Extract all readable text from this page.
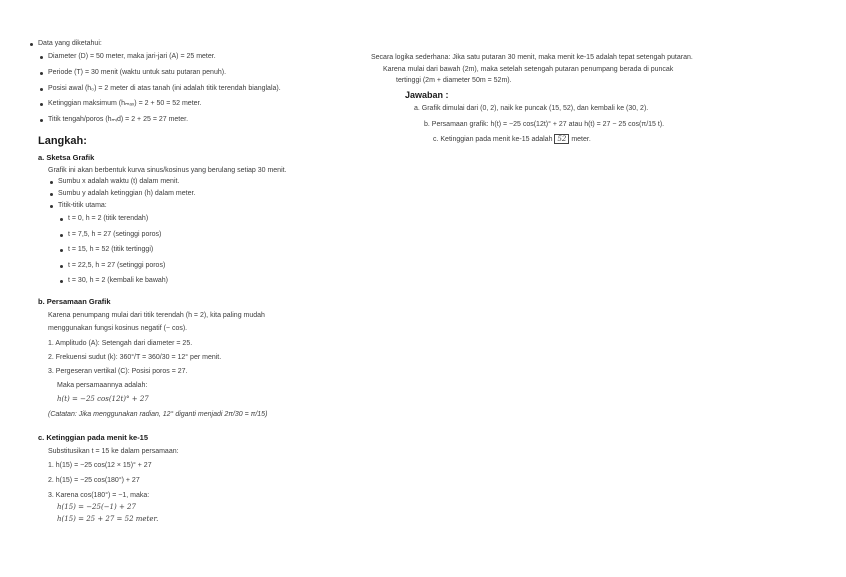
Data yang diketahui:
Diameter (D) = 50 meter, maka jari-jari (A) = 25 meter.
Periode (T) = 30 menit (waktu untuk satu putaran penuh).
Posisi awal (h₀) = 2 meter di atas tanah (ini adalah titik terendah bianglala).
Ketinggian maksimum (hₘₐₓ) = 2 + 50 = 52 meter.
Titik tengah/poros (hₘᵢd) = 2 + 25 = 27 meter.
Langkah:
a. Sketsa Grafik
Grafik ini akan berbentuk kurva sinus/kosinus yang berulang setiap 30 menit.
Sumbu x adalah waktu (t) dalam menit.
Sumbu y adalah ketinggian (h) dalam meter.
Titik-titik utama:
t = 0, h = 2 (titik terendah)
t = 7,5, h = 27 (setinggi poros)
t = 15, h = 52 (titik tertinggi)
t = 22,5, h = 27 (setinggi poros)
t = 30, h = 2 (kembali ke bawah)
b. Persamaan Grafik
Karena penumpang mulai dari titik terendah (h = 2), kita paling mudah
menggunakan fungsi kosinus negatif (− cos).
1. Amplitudo (A): Setengah dari diameter = 25.
2. Frekuensi sudut (k): 360°/T = 360/30 = 12° per menit.
3. Pergeseran vertikal (C): Posisi poros = 27.
Maka persamaannya adalah:
h(t) = −25 cos(12t)° + 27
(Catatan: Jika menggunakan radian, 12° diganti menjadi 2π/30 = π/15)
c. Ketinggian pada menit ke-15
Substitusikan t = 15 ke dalam persamaan:
1. h(15) = −25 cos(12 × 15)° + 27
2. h(15) = −25 cos(180°) + 27
3. Karena cos(180°) = −1, maka:
h(15) = −25(−1) + 27
h(15) = 25 + 27 = 52 meter.
Secara logika sederhana: Jika satu putaran 30 menit, maka menit ke-15 adalah tepat setengah putaran.
Karena mulai dari bawah (2m), maka setelah setengah putaran penumpang berada di puncak
tertinggi (2m + diameter 50m = 52m).
Jawaban :
a. Grafik dimulai dari (0, 2), naik ke puncak (15, 52), dan kembali ke (30, 2).
b. Persamaan grafik: h(t) = −25 cos(12t)° + 27 atau h(t) = 27 − 25 cos(π/15 t).
c. Ketinggian pada menit ke-15 adalah 52 meter.
